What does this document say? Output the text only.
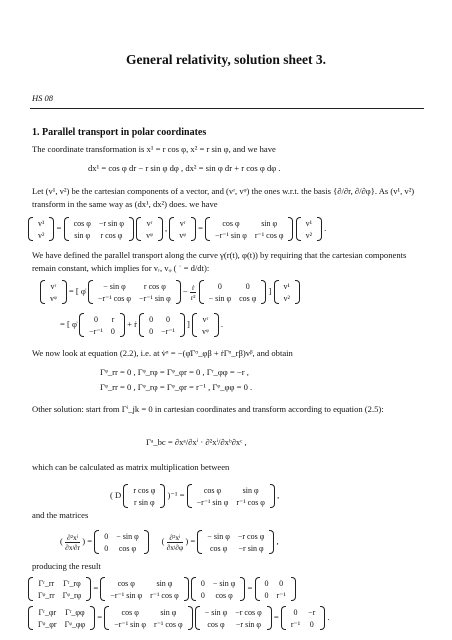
General relativity, solution sheet 3.
HS 08
1. Parallel transport in polar coordinates
The coordinate transformation is x¹ = r cos φ, x² = r sin φ, and we have
dx¹ = cos φ dr − r sin φ dφ , dx² = sin φ dr + r cos φ dφ .
Let (v¹, v²) be the cartesian components of a vector, and (vʳ, vᵠ) the ones w.r.t. the basis {∂/∂r, ∂/∂φ}. As (v¹, v²) transform in the same way as (dx¹, dx²) does. we have
v¹
v²
= cos φ	−r sin φ
sin φ	r cos φ

vʳ
vᵠ
, vʳ
vᵠ
= cos φ	sin φ
−r⁻¹ sin φ	r⁻¹ cos φ

v¹
v²
.
We have defined the parallel transport along the curve γ(r(t), φ(t)) by requiring that the cartesian components remain constant, which implies for vᵣ, vᵩ ( ˙ = d/dt):
vʳ
vᵠ
= [ φ̇ − sin φ	r cos φ
−r⁻¹ cos φ	−r⁻¹ sin φ
− $\frac{\text{ṙ}}{\text{r²}}$
	0	0
− sin φ	cos φ
] v¹
v²
= [ φ̇ 0	r
−r⁻¹	0
+ ṙ 0	0
0	−r⁻¹
] vʳ
vᵠ
.
We now look at equation (2.2), i.e. at v̇ᵅ = −(φ̇Γᵅ_φβ + ṙΓᵅ_rβ)vᵝ, and obtain
Γᵠ_rr = 0 , Γᵠ_rφ = Γᵠ_φr = 0 , Γʳ_φφ = −r ,
Γᵠ_rr = 0 , Γᵠ_rφ = Γᵠ_φr = r⁻¹ , Γᵠ_φφ = 0 .
Other solution: start from Γⁱ_jk = 0 in cartesian coordinates and transform according to equation (2.5):
Γᵃ_bc = ∂xᵃ/∂xⁱ · ∂²xⁱ/∂xᵇ∂xᶜ ,
which can be calculated as matrix multiplication between
( D r cos φ
r sin φ
)⁻¹ = cos φ	sin φ
−r⁻¹ sin φ	r⁻¹ cos φ
,
and the matrices
( $\frac{\text{∂²xⁱ}}{\text{∂xʲ∂r}}$ ) = 0	− sin φ
0	cos φ
( $\frac{\text{∂²xⁱ}}{\text{∂xʲ∂φ}}$ ) = − sin φ	−r cos φ
cos φ	−r sin φ
,
producing the result
Γʳ_rr	Γʳ_rφ
Γᵠ_rr	Γᵠ_rφ
= cos φ	sin φ
−r⁻¹ sin φ	r⁻¹ cos φ

0	− sin φ
0	cos φ
= 0	0
0	r⁻¹
Γʳ_φr	Γʳ_φφ
Γᵠ_φr	Γᵠ_φφ
= cos φ	sin φ
−r⁻¹ sin φ	r⁻¹ cos φ

− sin φ	−r cos φ
cos φ	−r sin φ
= 0	−r
r⁻¹	0
.
